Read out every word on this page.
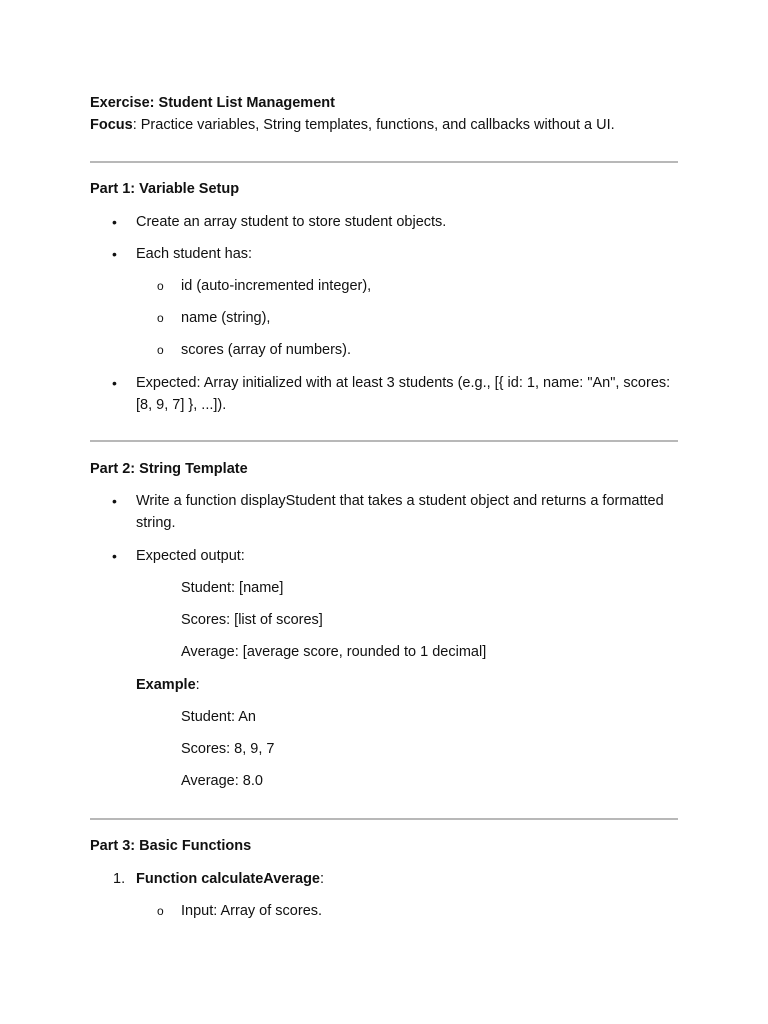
Exercise: Student List Management
Focus: Practice variables, String templates, functions, and callbacks without a UI.
Part 1: Variable Setup
• Create an array student to store student objects.
• Each student has:
o id (auto-incremented integer),
o name (string),
o scores (array of numbers).
• Expected: Array initialized with at least 3 students (e.g., [{ id: 1, name: "An", scores: [8, 9, 7] }, ...]).
Part 2: String Template
• Write a function displayStudent that takes a student object and returns a formatted string.
• Expected output:
Student: [name]
Scores: [list of scores]
Average: [average score, rounded to 1 decimal]
Example:
Student: An
Scores: 8, 9, 7
Average: 8.0
Part 3: Basic Functions
1. Function calculateAverage:
o Input: Array of scores.
